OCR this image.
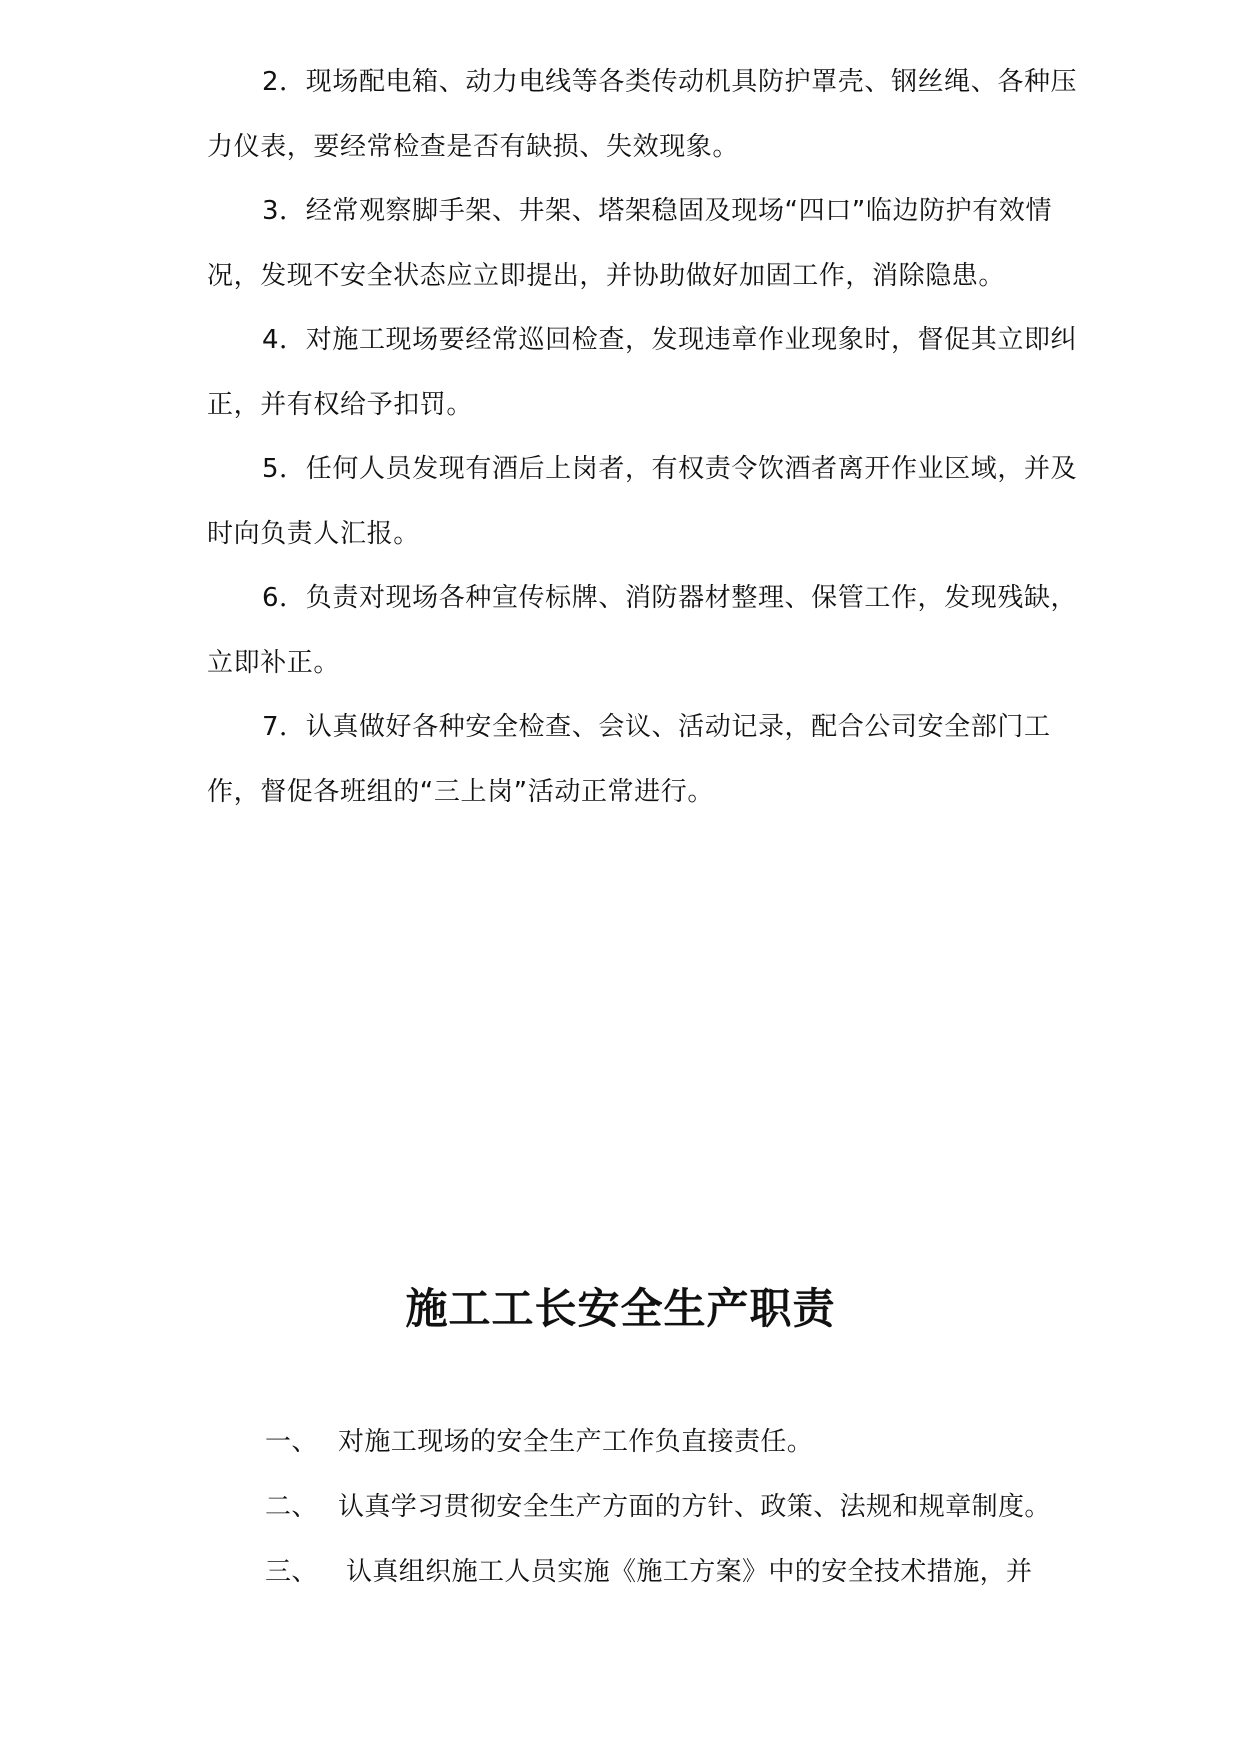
2．现场配电箱、动力电线等各类传动机具防护罩壳、钢丝绳、各种压力仪表，要经常检查是否有缺损、失效现象。

3．经常观察脚手架、井架、塔架稳固及现场“四口”临边防护有效情况，发现不安全状态应立即提出，并协助做好加固工作，消除隐患。

4．对施工现场要经常巡回检查，发现违章作业现象时，督促其立即纠正，并有权给予扣罚。

5．任何人员发现有酒后上岗者，有权责令饮酒者离开作业区域，并及时向负责人汇报。

6．负责对现场各种宣传标牌、消防器材整理、保管工作，发现残缺，立即补正。

7．认真做好各种安全检查、会议、活动记录，配合公司安全部门工作，督促各班组的“三上岗”活动正常进行。

施工工长安全生产职责
一、 对施工现场的安全生产工作负直接责任。
二、 认真学习贯彻安全生产方面的方针、政策、法规和规章制度。
三、	认真组织施工人员实施《施工方案》中的安全技术措施，并
